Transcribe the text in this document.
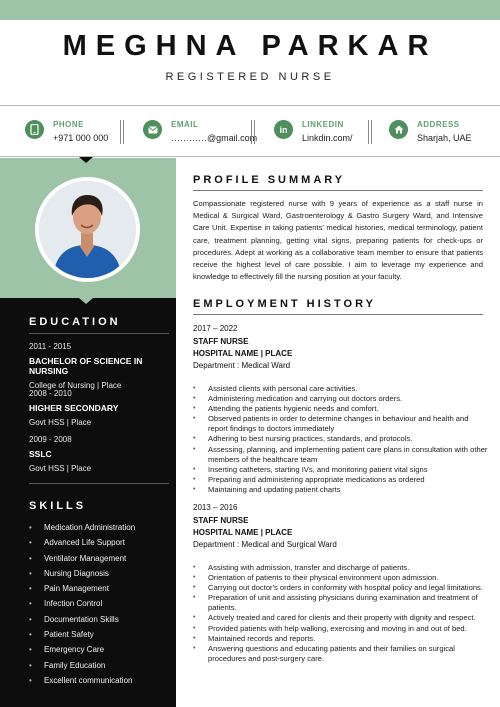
MEGHNA PARKAR
REGISTERED NURSE
PHONE
+971 000 000
EMAIL
…………@gmail.com
in	LINKEDIN
Linkdin.com/
ADDRESS
Sharjah, UAE
EDUCATION
2011 - 2015
BACHELOR OF SCIENCE IN NURSING
College of Nursing | Place
2008 - 2010
HIGHER SECONDARY
Govt HSS | Place
2009 - 2008
SSLC
Govt HSS | Place
SKILLS
• Medication Administration
• Advanced Life Support
• Ventilator Management
• Nursing Diagnosis
• Pain Management
• Infection Control
• Documentation Skills
• Patient Safety
• Emergency Care
• Family Education
• Excellent communication
PROFILE SUMMARY
Compassionate registered nurse with 9 years of experience as a staff nurse in Medical & Surgical Ward, Gastroenterology & Gastro Surgery Ward, and Intensive Care Unit. Expertise in taking patients' medical histories, medical terminology, patient care, treatment planning, getting vital signs, preparing patients for check-ups or procedures. Adept at working as a collaborative team member to ensure that patients receive the highest level of care possible. I aim to leverage my experience and knowledge to effectively fill the nursing position at your faculty.
EMPLOYMENT HISTORY
2017 – 2022
STAFF NURSE
HOSPITAL NAME | PLACE
Department : Medical Ward
• Assisted clients with personal care activities.
• Administering medication and carrying out doctors orders.
• Attending the patients hygienic needs and comfort.
• Observed patients in order to determine changes in behaviour and health and report findings to doctors immediately
• Adhering to best nursing practices, standards, and protocols.
• Assessing, planning, and implementing patient care plans in consultation with other members of the healthcare team
• Inserting catheters, starting IVs, and monitoring patient vital signs
• Preparing and administering appropriate medications as ordered
• Maintaining and updating patient charts
2013 – 2016
STAFF NURSE
HOSPITAL NAME | PLACE
Department : Medical and Surgical Ward
• Assisting with admission, transfer and discharge of patients.
• Orientation of patients to their physical environment upon admission.
• Carrying out doctor's orders in conformity with hospital policy and legal limitations.
• Preparation of unit and assisting physicians during examination and treatment of patients.
• Actively treated and cared for clients and their property with dignity and respect.
• Provided patients with help walking, exercising and moving in and out of bed.
• Maintained records and reports.
• Answering questions and educating patients and their families on surgical procedures and post-surgery care.
